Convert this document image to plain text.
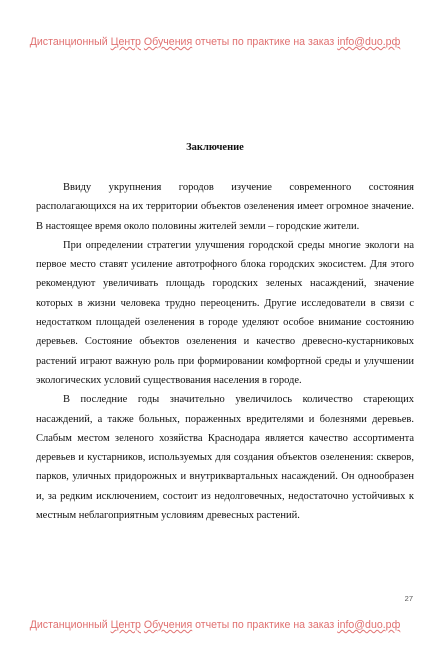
Дистанционный Центр Обучения отчеты по практике на заказ info@duo.рф
Заключение

Ввиду укрупнения городов изучение современного состояния располагающихся на их территории объектов озеленения имеет огромное значение. В настоящее время около половины жителей земли – городские жители.

При определении стратегии улучшения городской среды многие экологи на первое место ставят усиление автотрофного блока городских экосистем. Для этого рекомендуют увеличивать площадь городских зеленых насаждений, значение которых в жизни человека трудно переоценить. Другие исследователи в связи с недостатком площадей озеленения в городе уделяют особое внимание состоянию деревьев. Состояние объектов озеленения и качество древесно-кустарниковых растений играют важную роль при формировании комфортной среды и улучшении экологических условий существования населения в городе.

В последние годы значительно увеличилось количество стареющих насаждений, а также больных, пораженных вредителями и болезнями деревьев. Слабым местом зеленого хозяйства Краснодара является качество ассортимента деревьев и кустарников, используемых для создания объектов озеленения: скверов, парков, уличных придорожных и внутриквартальных насаждений. Он однообразен и, за редким исключением, состоит из недолговечных, недостаточно устойчивых к местным неблагоприятным условиям древесных растений.

27
Дистанционный Центр Обучения отчеты по практике на заказ info@duo.рф
